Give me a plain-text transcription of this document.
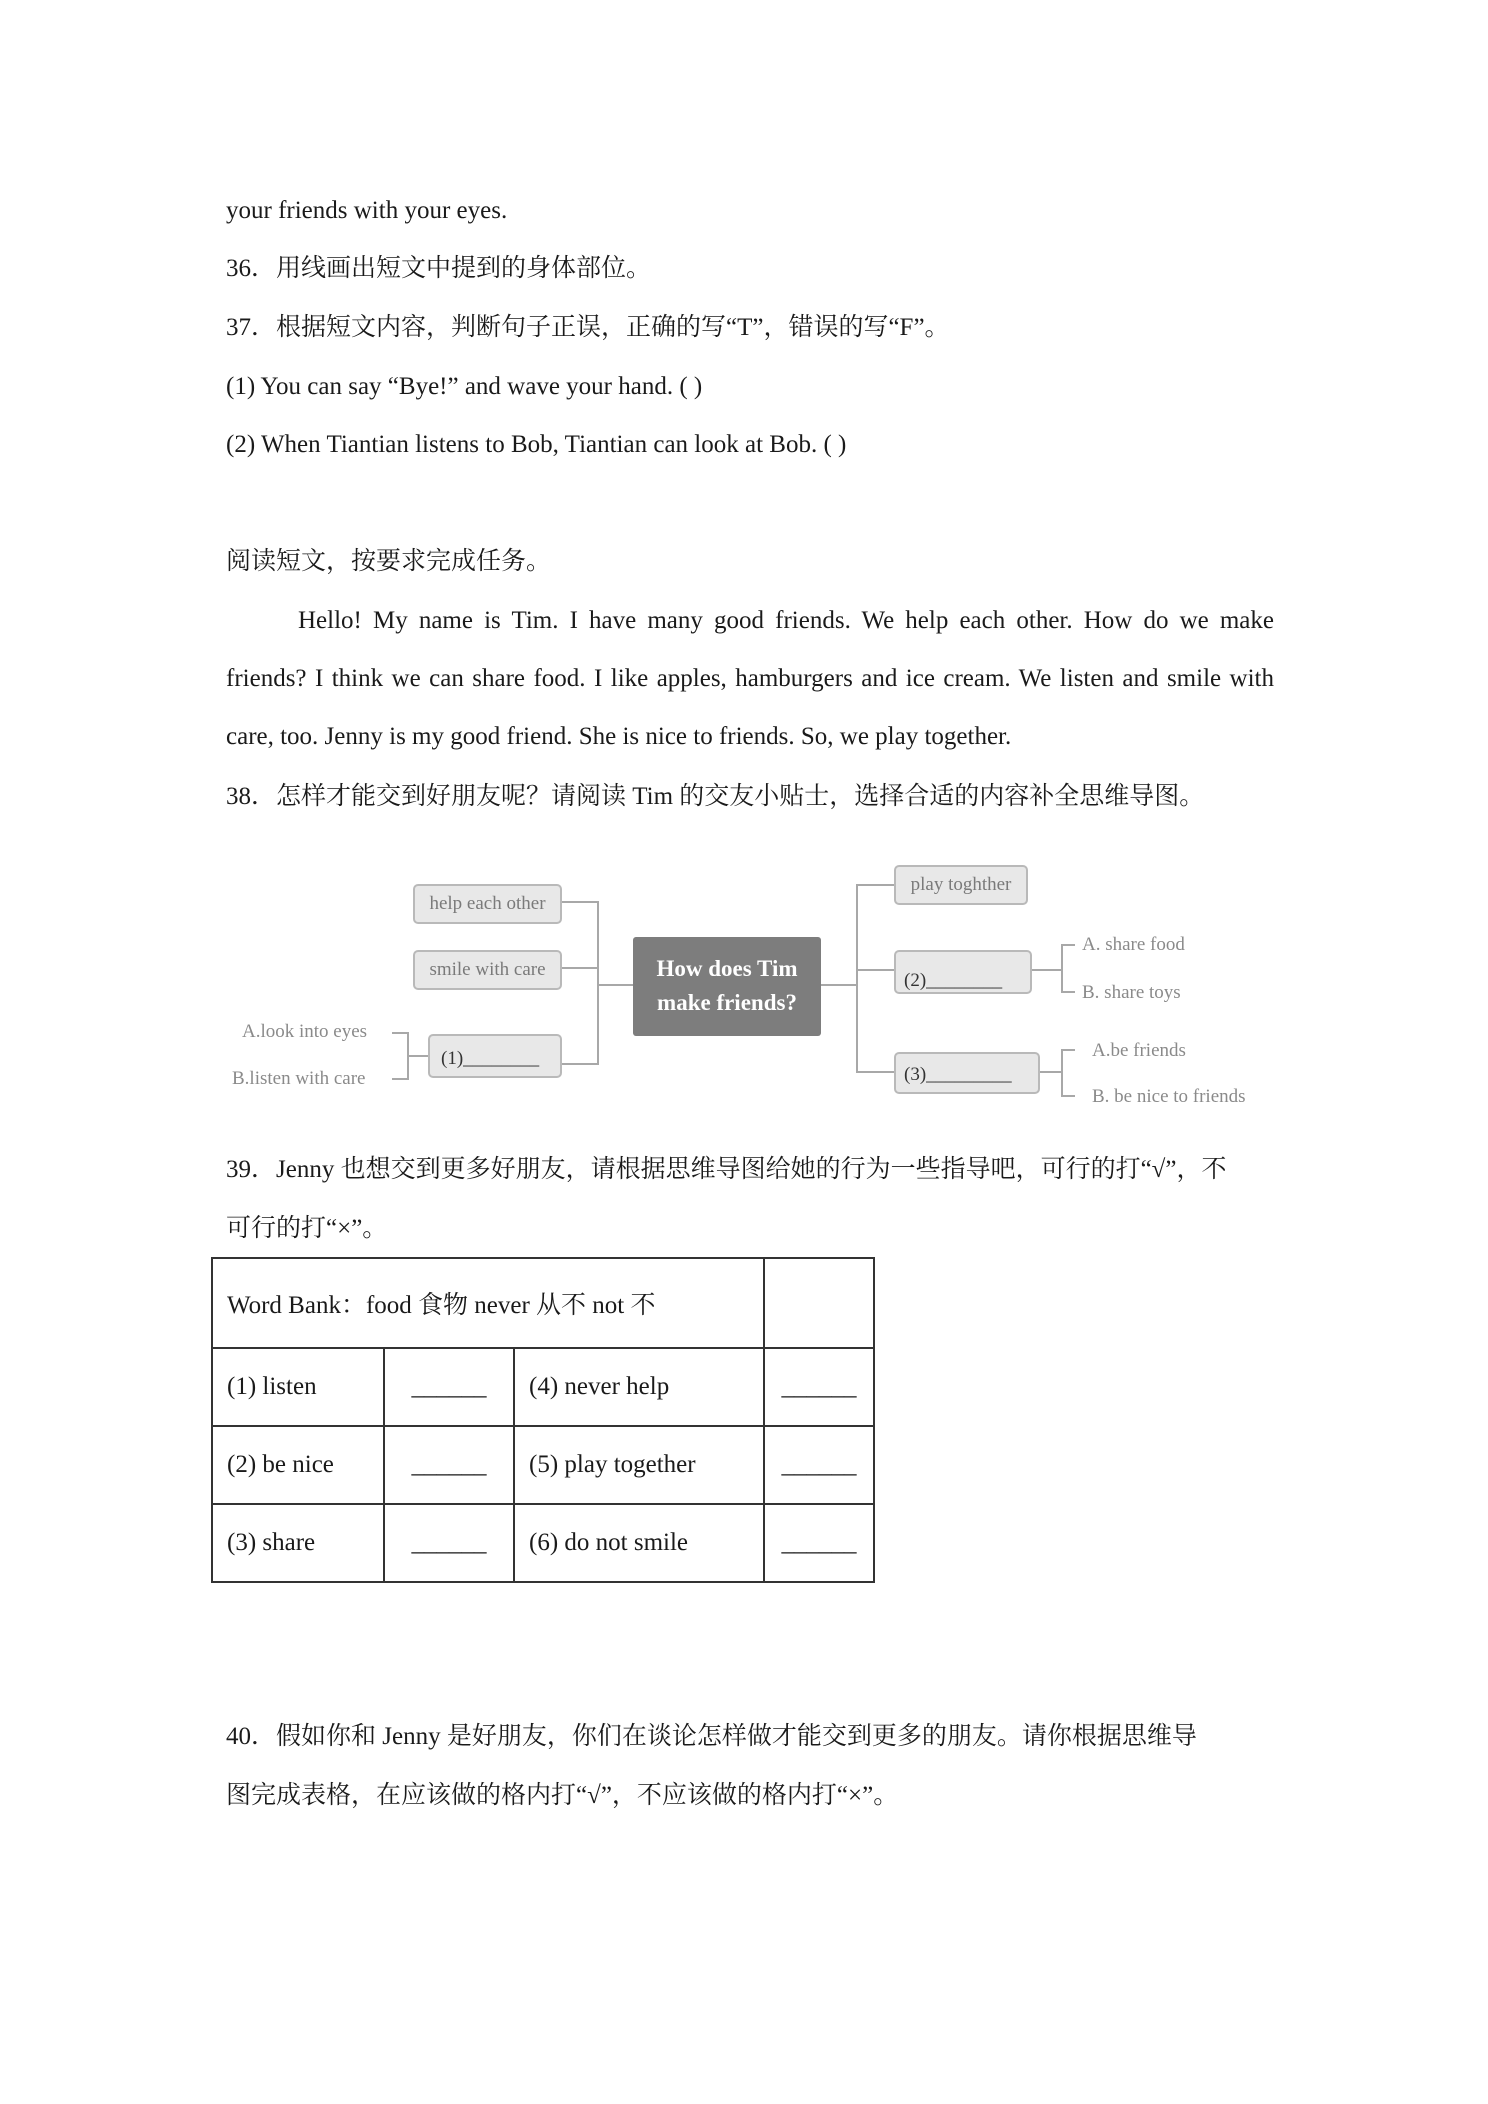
your friends with your eyes.
36．用线画出短文中提到的身体部位。
37．根据短文内容，判断句子正误，正确的写“T”，错误的写“F”。
(1) You can say “Bye!” and wave your hand. ( )
(2) When Tiantian listens to Bob, Tiantian can look at Bob. ( )
阅读短文，按要求完成任务。
Hello! My name is Tim. I have many good friends. We help each other. How do we make friends? I think we can share food. I like apples, hamburgers and ice cream. We listen and smile with care, too. Jenny is my good friend. She is nice to friends. So, we play together.
38．怎样才能交到好朋友呢？请阅读 Tim 的交友小贴士，选择合适的内容补全思维导图。
How does Tim
make friends?
help each other
smile with care
(1)________
A.look into eyes
B.listen with care
play toghther
(2)________
A. share food
B. share toys
(3)_________
A.be friends
B. be nice to friends
39．Jenny 也想交到更多好朋友，请根据思维导图给她的行为一些指导吧，可行的打“√”，不
可行的打“×”。
Word Bank：food 食物 never 从不 not 不			
(1) listen	______	(4) never help	______
(2) be nice	______	(5) play together	______
(3) share	______	(6) do not smile	______
40．假如你和 Jenny 是好朋友，你们在谈论怎样做才能交到更多的朋友。请你根据思维导
图完成表格，在应该做的格内打“√”，不应该做的格内打“×”。
